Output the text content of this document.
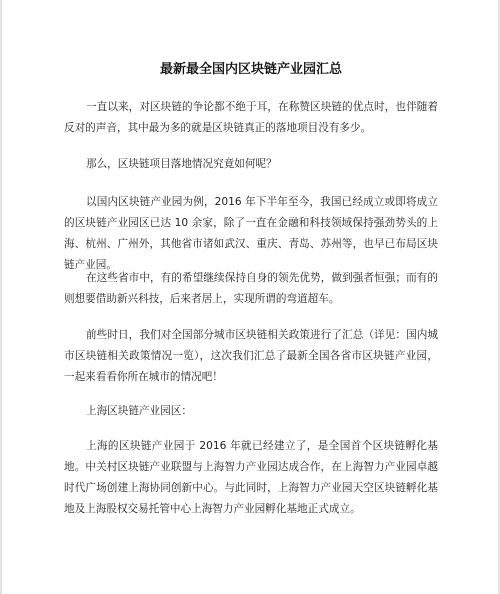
最新最全国内区块链产业园汇总

一直以来，对区块链的争论都不绝于耳，在称赞区块链的优点时，也伴随着反对的声音，其中最为多的就是区块链真正的落地项目没有多少。

那么，区块链项目落地情况究竟如何呢？

以国内区块链产业园为例，2016 年下半年至今，我国已经成立或即将成立的区块链产业园区已达 10 余家，除了一直在金融和科技领域保持强劲势头的上海、杭州、广州外，其他省市诸如武汉、重庆、青岛、苏州等，也早已布局区块链产业园。

在这些省市中，有的希望继续保持自身的领先优势，做到强者恒强；而有的则想要借助新兴科技，后来者居上，实现所谓的弯道超车。

前些时日，我们对全国部分城市区块链相关政策进行了汇总（详见：国内城市区块链相关政策情况一览），这次我们汇总了最新全国各省市区块链产业园，一起来看看你所在城市的情况吧！

上海区块链产业园区：

上海的区块链产业园于 2016 年就已经建立了，是全国首个区块链孵化基地。中关村区块链产业联盟与上海智力产业园达成合作，在上海智力产业园卓越时代广场创建上海协同创新中心。与此同时，上海智力产业园天空区块链孵化基地及上海股权交易托管中心上海智力产业园孵化基地正式成立。
